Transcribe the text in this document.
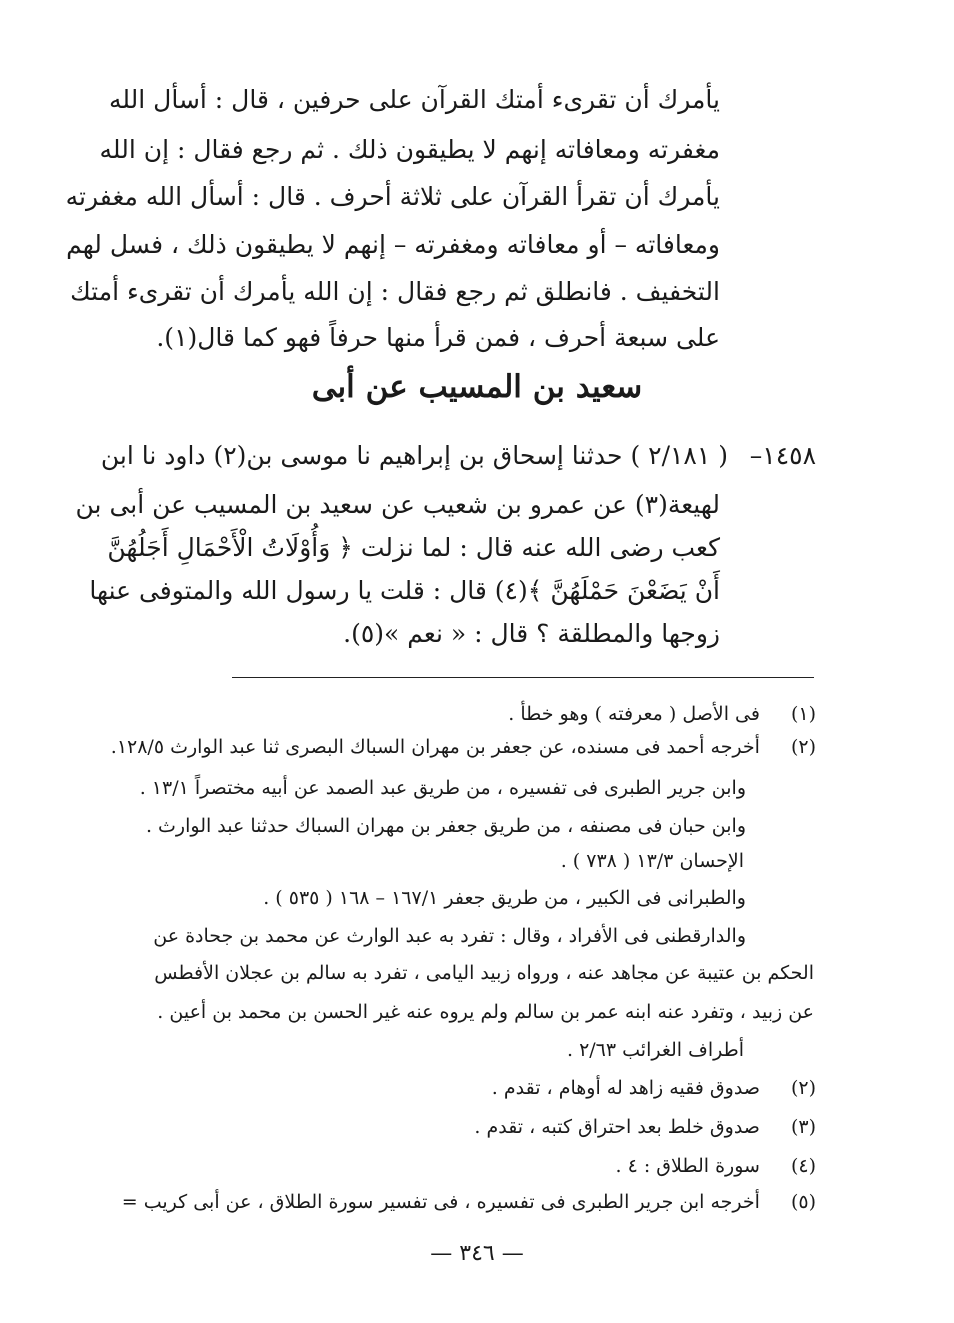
يأمرك أن تقرىء أمتك القرآن على حرفين ، قال : أسأل الله
مغفرته ومعافاته إنهم لا يطيقون ذلك . ثم رجع فقال : إن الله
يأمرك أن تقرأ القرآن على ثلاثة أحرف . قال : أسأل الله مغفرته
ومعافاته – أو معافاته ومغفرته – إنهم لا يطيقون ذلك ، فسل لهم
التخفيف . فانطلق ثم رجع فقال : إن الله يأمرك أن تقرىء أمتك
على سبعة أحرف ، فمن قرأ منها حرفاً فهو كما قال(١).
سعيد بن المسيب عن أبى
١٤٥٨–
( ٢/١٨١ ) حدثنا إسحاق بن إبراهيم نا موسى بن(٢) داود نا ابن
لهيعة(٣) عن عمرو بن شعيب عن سعيد بن المسيب عن أبى بن
كعب رضى الله عنه قال : لما نزلت ﴿ وَأُوْلَاتُ الْأَحْمَالِ أَجَلُهُنَّ
أَنْ يَضَعْنَ حَمْلَهُنَّ ﴾(٤) قال : قلت يا رسول الله والمتوفى عنها
زوجها والمطلقة ؟ قال : « نعم »(٥).
(١) فى الأصل ( معرفته ) وهو خطأ .
(٢) أخرجه أحمد فى مسنده، عن جعفر بن مهران السباك البصرى ثنا عبد الوارث ١٢٨/٥.
وابن جرير الطبرى فى تفسيره ، من طريق عبد الصمد عن أبيه مختصراً ١٣/١ .
وابن حبان فى مصنفه ، من طريق جعفر بن مهران السباك حدثنا عبد الوارث .
الإحسان ١٣/٣ ( ٧٣٨ ) .
والطبرانى فى الكبير ، من طريق جعفر ١٦٧/١ – ١٦٨ ( ٥٣٥ ) .
والدارقطنى فى الأفراد ، وقال : تفرد به عبد الوارث عن محمد بن جحادة عن
الحكم بن عتيبة عن مجاهد عنه ، ورواه زبيد اليامى ، تفرد به سالم بن عجلان الأفطس
عن زبيد ، وتفرد عنه ابنه عمر بن سالم ولم يروه عنه غير الحسن بن محمد بن أعين .
أطراف الغرائب ٢/٦٣ .
(٢) صدوق فقيه زاهد له أوهام ، تقدم .
(٣) صدوق خلط بعد احتراق كتبه ، تقدم .
(٤) سورة الطلاق : ٤ .
(٥) أخرجه ابن جرير الطبرى فى تفسيره ، فى تفسير سورة الطلاق ، عن أبى كريب =
— ٣٤٦ —
